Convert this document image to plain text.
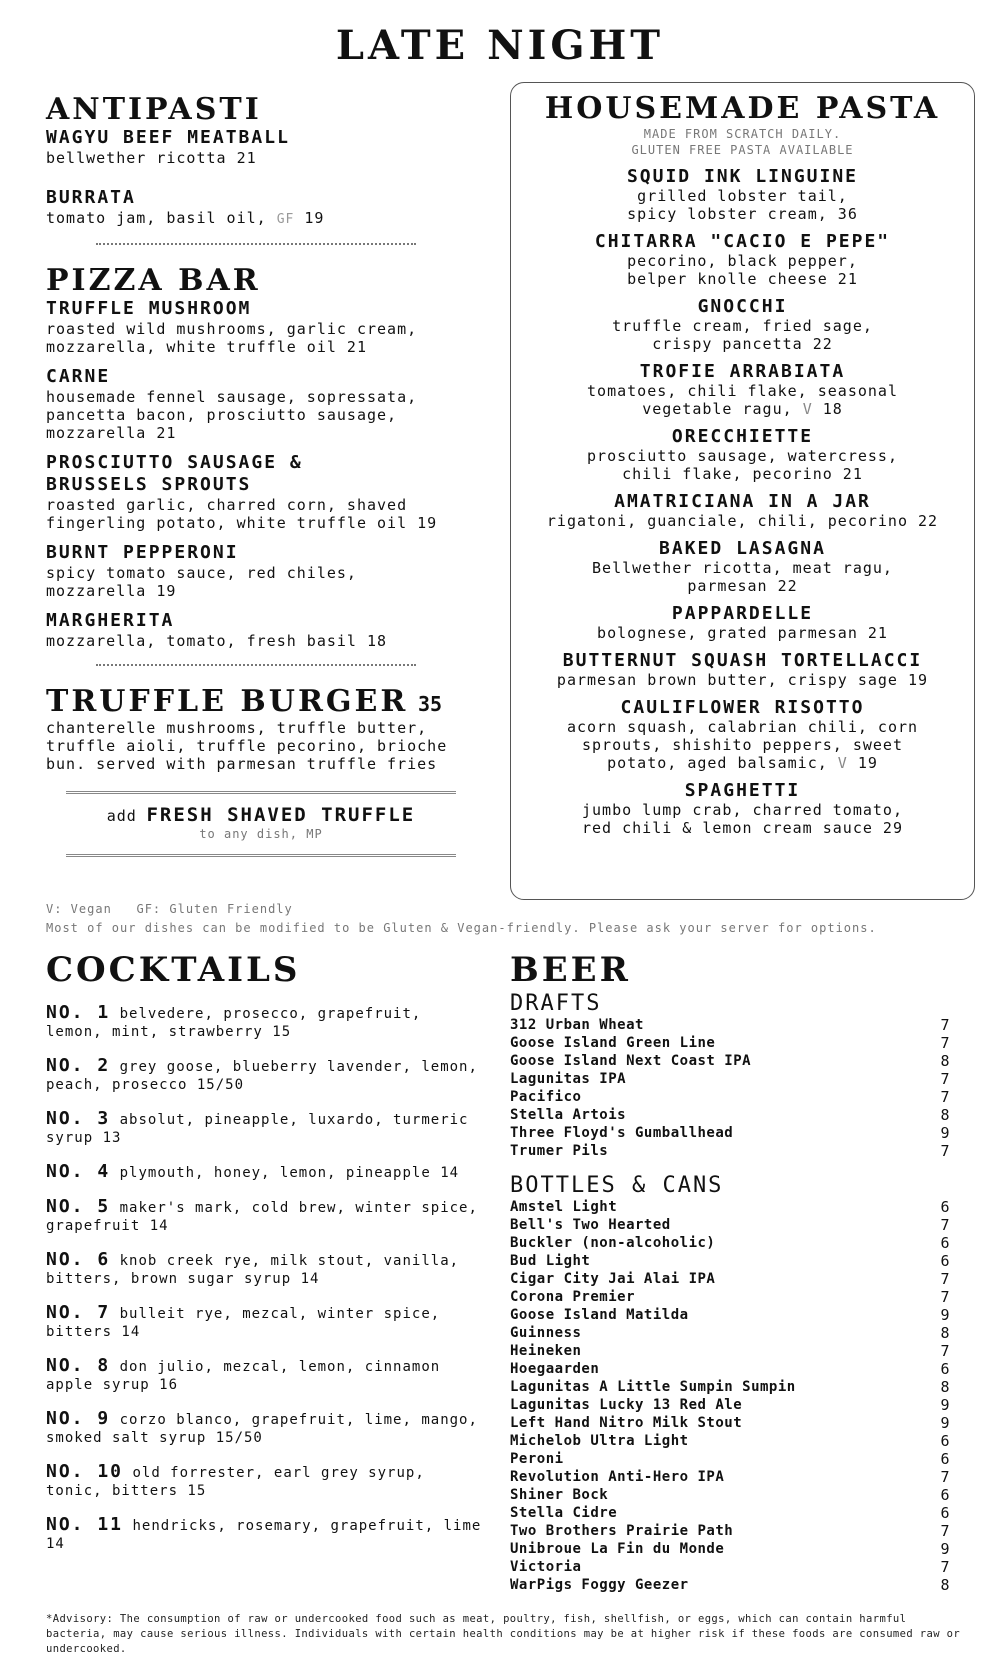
LATE NIGHT
ANTIPASTI
WAGYU BEEF MEATBALL
bellwether ricotta 21
BURRATA
tomato jam, basil oil, GF 19
PIZZA BAR
TRUFFLE MUSHROOM
roasted wild mushrooms, garlic cream, mozzarella, white truffle oil 21
CARNE
housemade fennel sausage, sopressata, pancetta bacon, prosciutto sausage, mozzarella 21
PROSCIUTTO SAUSAGE & BRUSSELS SPROUTS
roasted garlic, charred corn, shaved fingerling potato, white truffle oil 19
BURNT PEPPERONI
spicy tomato sauce, red chiles, mozzarella 19
MARGHERITA
mozzarella, tomato, fresh basil 18
TRUFFLE BURGER 35
chanterelle mushrooms, truffle butter, truffle aioli, truffle pecorino, brioche bun. served with parmesan truffle fries
add FRESH SHAVED TRUFFLE
to any dish, MP
HOUSEMADE PASTA
MADE FROM SCRATCH DAILY.
GLUTEN FREE PASTA AVAILABLE
SQUID INK LINGUINE
grilled lobster tail, spicy lobster cream, 36
CHITARRA "CACIO E PEPE"
pecorino, black pepper, belper knolle cheese 21
GNOCCHI
truffle cream, fried sage, crispy pancetta 22
TROFIE ARRABIATA
tomatoes, chili flake, seasonal vegetable ragu, V 18
ORECCHIETTE
prosciutto sausage, watercress, chili flake, pecorino 21
AMATRICIANA IN A JAR
rigatoni, guanciale, chili, pecorino 22
BAKED LASAGNA
Bellwether ricotta, meat ragu, parmesan 22
PAPPARDELLE
bolognese, grated parmesan 21
BUTTERNUT SQUASH TORTELLACCI
parmesan brown butter, crispy sage 19
CAULIFLOWER RISOTTO
acorn squash, calabrian chili, corn sprouts, shishito peppers, sweet potato, aged balsamic, V 19
SPAGHETTI
jumbo lump crab, charred tomato, red chili & lemon cream sauce 29
V: Vegan   GF: Gluten Friendly
Most of our dishes can be modified to be Gluten & Vegan-friendly. Please ask your server for options.
COCKTAILS
NO. 1 belvedere, prosecco, grapefruit, lemon, mint, strawberry 15
NO. 2 grey goose, blueberry lavender, lemon, peach, prosecco 15/50
NO. 3 absolut, pineapple, luxardo, turmeric syrup 13
NO. 4 plymouth, honey, lemon, pineapple 14
NO. 5 maker's mark, cold brew, winter spice, grapefruit 14
NO. 6 knob creek rye, milk stout, vanilla, bitters, brown sugar syrup 14
NO. 7 bulleit rye, mezcal, winter spice, bitters 14
NO. 8 don julio, mezcal, lemon, cinnamon apple syrup 16
NO. 9 corzo blanco, grapefruit, lime, mango, smoked salt syrup 15/50
NO. 10 old forrester, earl grey syrup, tonic, bitters 15
NO. 11 hendricks, rosemary, grapefruit, lime 14
BEER
DRAFTS
312 Urban Wheat	7
Goose Island Green Line	7
Goose Island Next Coast IPA	8
Lagunitas IPA	7
Pacifico	7
Stella Artois	8
Three Floyd's Gumballhead	9
Trumer Pils	7
BOTTLES & CANS
Amstel Light	6
Bell's Two Hearted	7
Buckler (non-alcoholic)	6
Bud Light	6
Cigar City Jai Alai IPA	7
Corona Premier	7
Goose Island Matilda	9
Guinness	8
Heineken	7
Hoegaarden	6
Lagunitas A Little Sumpin Sumpin	8
Lagunitas Lucky 13 Red Ale	9
Left Hand Nitro Milk Stout	9
Michelob Ultra Light	6
Peroni	6
Revolution Anti-Hero IPA	7
Shiner Bock	6
Stella Cidre	6
Two Brothers Prairie Path	7
Unibroue La Fin du Monde	9
Victoria	7
WarPigs Foggy Geezer	8
*Advisory: The consumption of raw or undercooked food such as meat, poultry, fish, shellfish, or eggs, which can contain harmful bacteria, may cause serious illness. Individuals with certain health conditions may be at higher risk if these foods are consumed raw or undercooked.
